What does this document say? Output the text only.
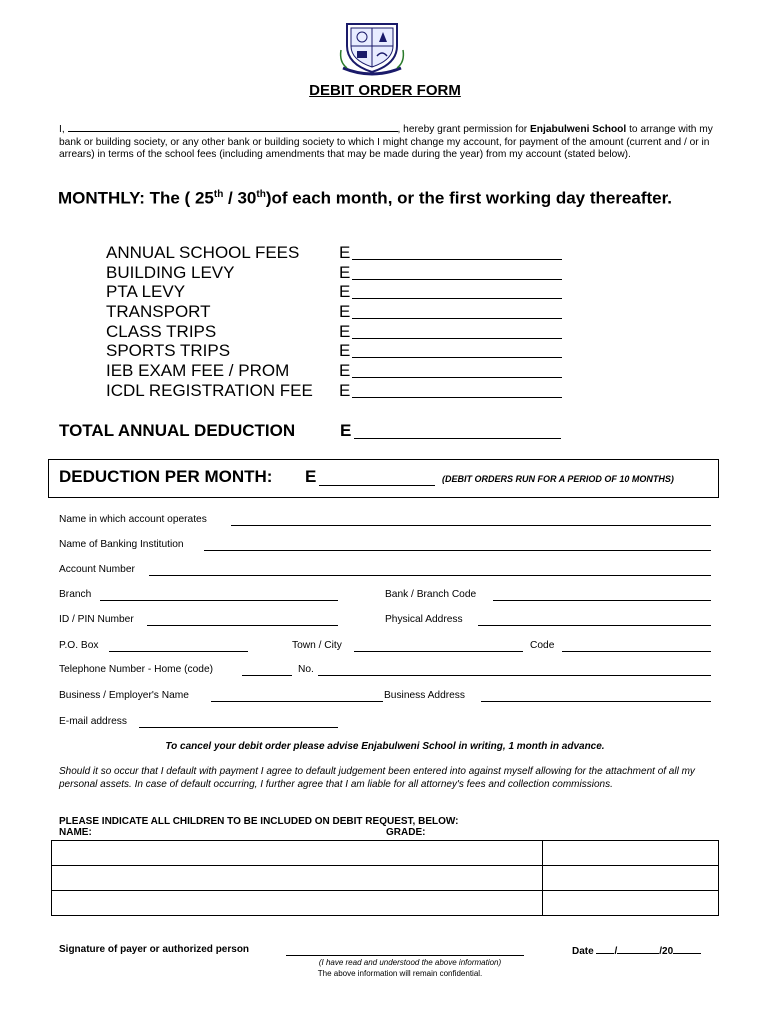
DEBIT ORDER FORM
I,	, hereby grant permission for Enjabulweni School to arrange with my bank or building society, or any other bank or building society to which I might change my account, for payment of the amount (current and / or in arrears) in terms of the school fees (including amendments that may be made during the year) from my account (stated below).
MONTHLY: The ( 25th / 30th)of each month, or the first working day thereafter.
ANNUAL SCHOOL FEES E
BUILDING LEVY	E
PTA LEVY	E
TRANSPORT	E
CLASS TRIPS	E
SPORTS TRIPS	E
IEB EXAM FEE / PROM	E
ICDL REGISTRATION FEE E
TOTAL ANNUAL DEDUCTION	E
DEDUCTION PER MONTH: E	(DEBIT ORDERS RUN FOR A PERIOD OF 10 MONTHS)
Name in which account operates
Name of Banking Institution
Account Number
Branch	Bank / Branch Code
ID / PIN Number	Physical Address
P.O. Box	Town / City	Code
Telephone Number - Home (code)	No.
Business / Employer's Name	Business Address
E-mail address
To cancel your debit order please advise Enjabulweni School in writing, 1 month in advance.
Should it so occur that I default with payment I agree to default judgement been entered into against myself allowing for the attachment of all my personal assets. In case of default occurring, I further agree that I am liable for all attorney's fees and collection commissions.
PLEASE INDICATE ALL CHILDREN TO BE INCLUDED ON DEBIT REQUEST, BELOW:
NAME:	GRADE:

Signature of payer or authorized person
(I have read and understood the above information)
The above information will remain confidential.
Date /	/20
